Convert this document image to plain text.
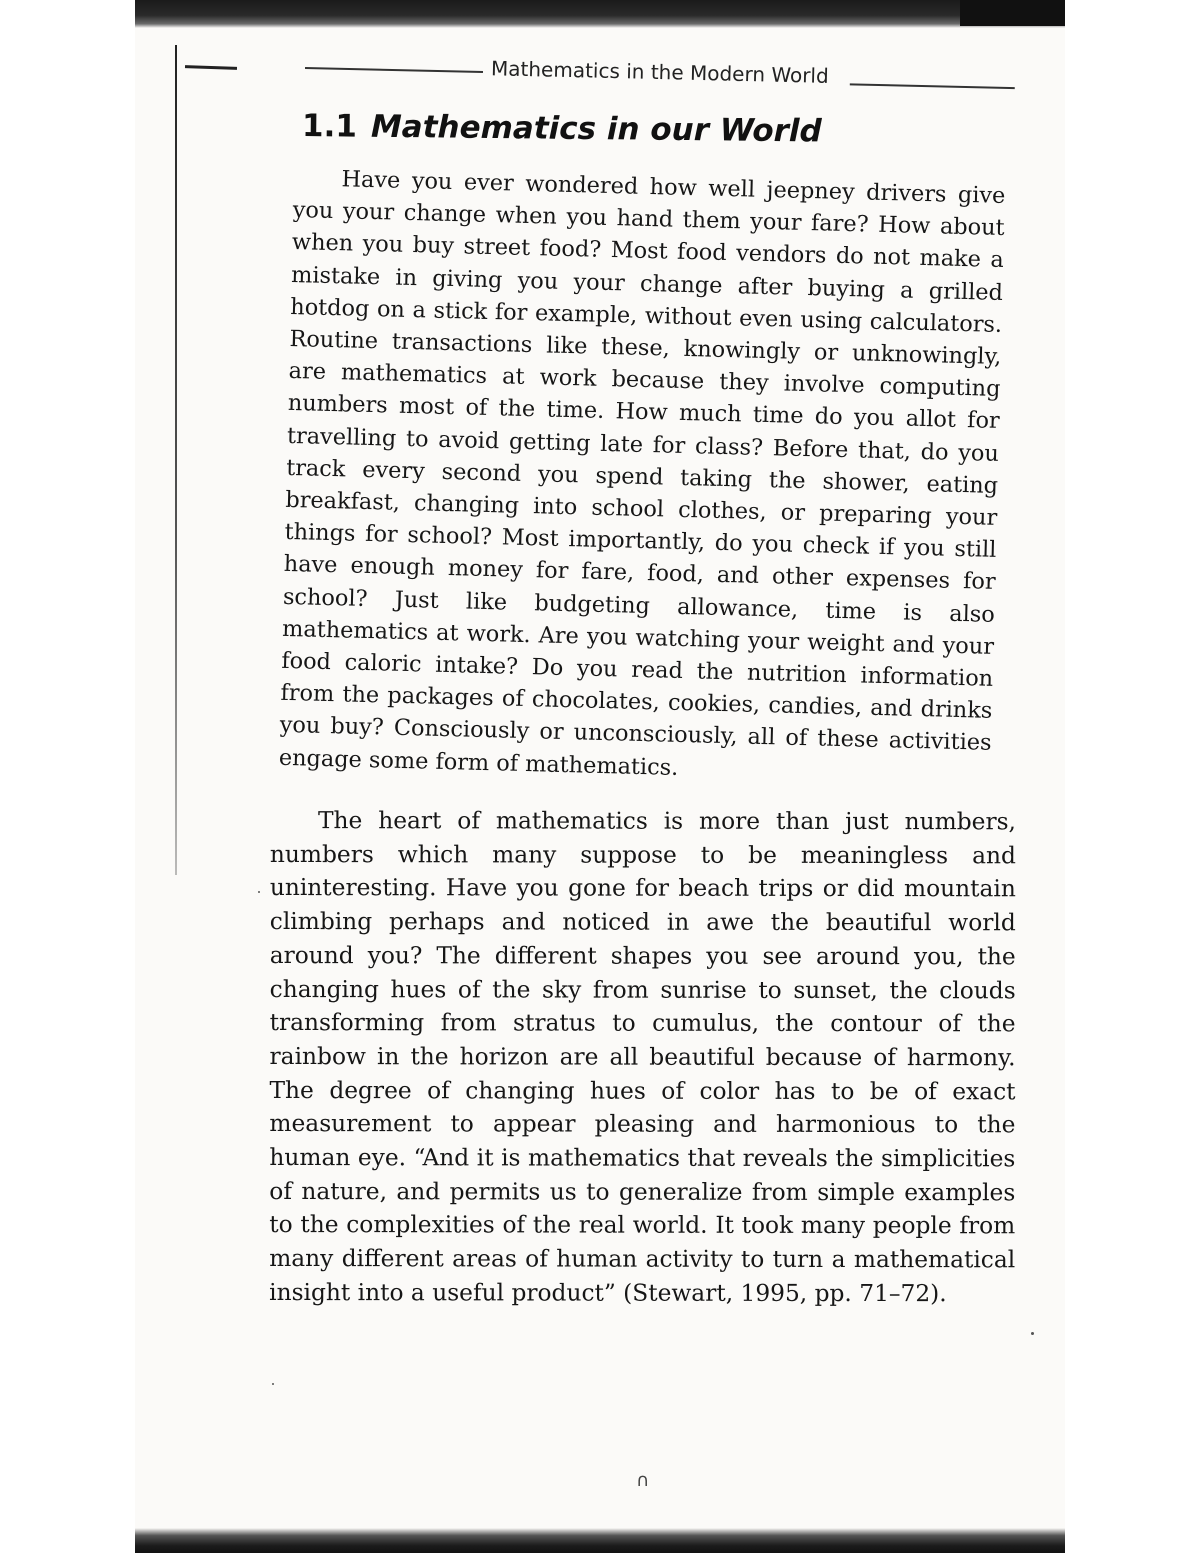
Mathematics in the Modern World
1.1 Mathematics in our World

Have you ever wondered how well jeepney drivers give you your change when you hand them your fare? How about when you buy street food? Most food vendors do not make a mistake in giving you your change after buying a grilled hotdog on a stick for example, without even using calculators. Routine transactions like these, knowingly or unknowingly, are mathematics at work because they involve computing numbers most of the time. How much time do you allot for travelling to avoid getting late for class? Before that, do you track every second you spend taking the shower, eating breakfast, changing into school clothes, or preparing your things for school? Most importantly, do you check if you still have enough money for fare, food, and other expenses for school? Just like budgeting allowance, time is also mathematics at work. Are you watching your weight and your food caloric intake? Do you read the nutrition information from the packages of chocolates, cookies, candies, and drinks you buy? Consciously or unconsciously, all of these activities engage some form of mathematics.

The heart of mathematics is more than just numbers, numbers which many suppose to be meaningless and uninteresting. Have you gone for beach trips or did mountain climbing perhaps and noticed in awe the beautiful world around you? The different shapes you see around you, the changing hues of the sky from sunrise to sunset, the clouds transforming from stratus to cumulus, the contour of the rainbow in the horizon are all beautiful because of harmony. The degree of changing hues of color has to be of exact measurement to appear pleasing and harmonious to the human eye. “And it is mathematics that reveals the simplicities of nature, and permits us to generalize from simple examples to the complexities of the real world. It took many people from many different areas of human activity to turn a mathematical insight into a useful product” (Stewart, 1995, pp. 71–72).

∩
